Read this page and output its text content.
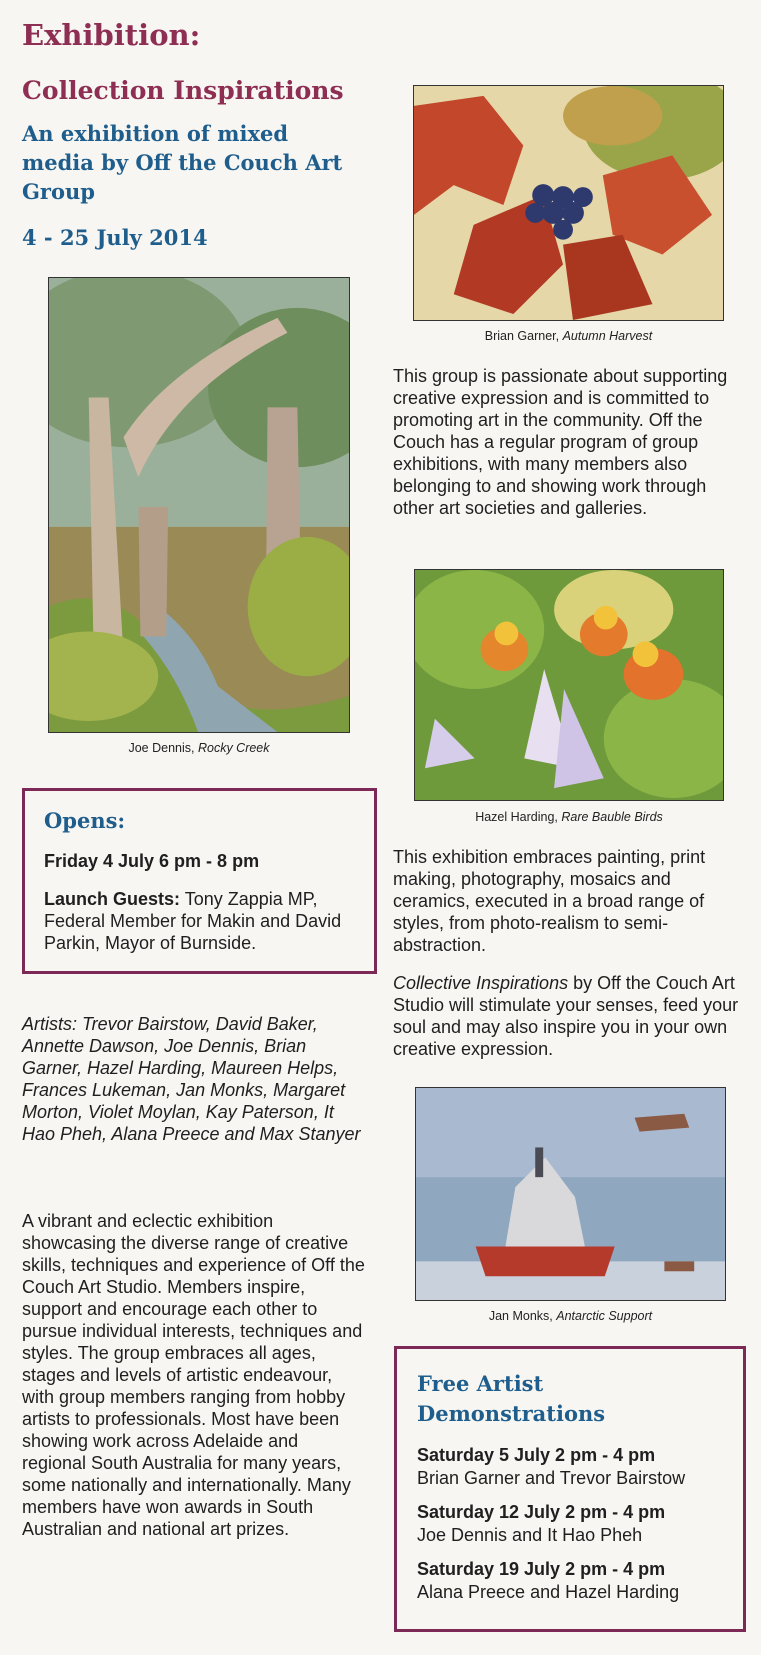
Exhibition:
Collection Inspirations
An exhibition of mixed media by Off the Couch Art Group
4 - 25 July 2014
Joe Dennis, Rocky Creek
Opens:
Friday 4 July 6 pm - 8 pm
Launch Guests: Tony Zappia MP, Federal Member for Makin and David Parkin, Mayor of Burnside.
Artists: Trevor Bairstow, David Baker, Annette Dawson, Joe Dennis, Brian Garner, Hazel Harding, Maureen Helps, Frances Lukeman, Jan Monks, Margaret Morton, Violet Moylan, Kay Paterson, It Hao Pheh, Alana Preece and Max Stanyer
A vibrant and eclectic exhibition showcasing the diverse range of creative skills, techniques and experience of Off the Couch Art Studio. Members inspire, support and encourage each other to pursue individual interests, techniques and styles. The group embraces all ages, stages and levels of artistic endeavour, with group members ranging from hobby artists to professionals. Most have been showing work across Adelaide and regional South Australia for many years, some nationally and internationally. Many members have won awards in South Australian and national art prizes.
Brian Garner, Autumn Harvest
This group is passionate about supporting creative expression and is committed to promoting art in the community. Off the Couch has a regular program of group exhibitions, with many members also belonging to and showing work through other art societies and galleries.
Hazel Harding, Rare Bauble Birds
This exhibition embraces painting, print making, photography, mosaics and ceramics, executed in a broad range of styles, from photo-realism to semi-abstraction.
Collective Inspirations by Off the Couch Art Studio will stimulate your senses, feed your soul and may also inspire you in your own creative expression.
Jan Monks, Antarctic Support
Free Artist Demonstrations
Saturday 5 July 2 pm - 4 pm
Brian Garner and Trevor Bairstow
Saturday 12 July 2 pm - 4 pm
Joe Dennis and It Hao Pheh
Saturday 19 July 2 pm - 4 pm
Alana Preece and Hazel Harding
